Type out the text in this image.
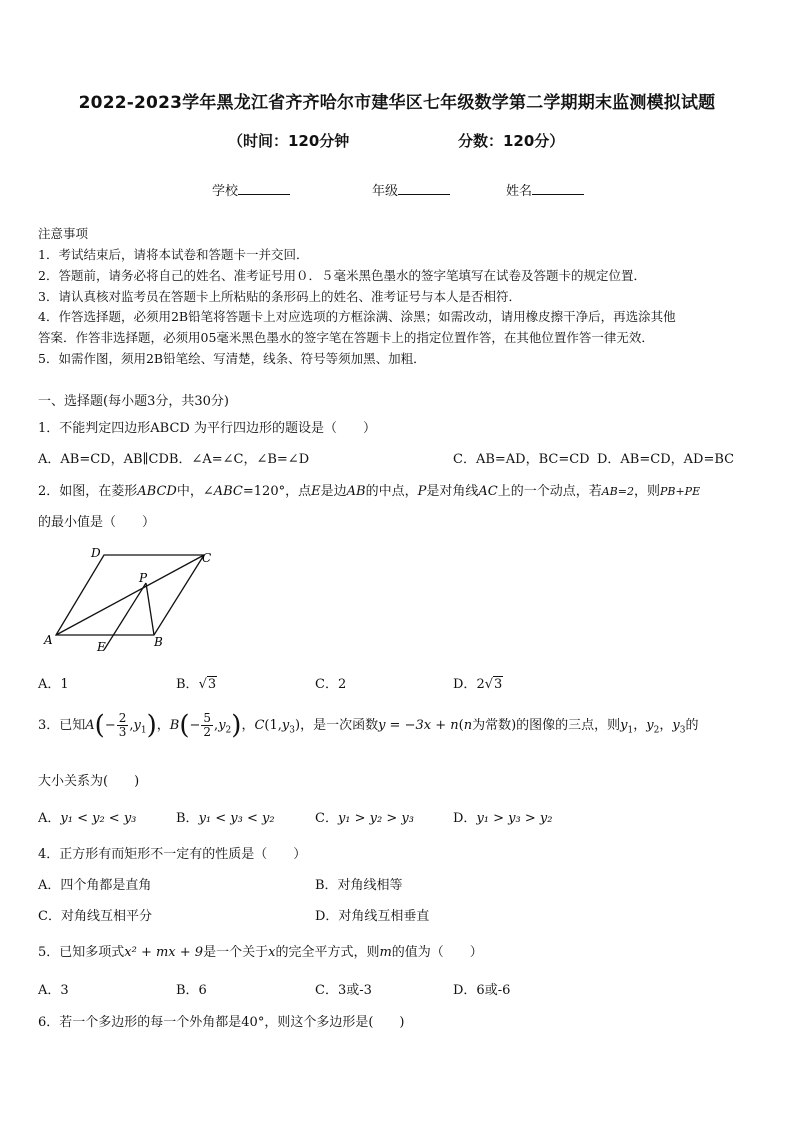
2022-2023学年黑龙江省齐齐哈尔市建华区七年级数学第二学期期末监测模拟试题
（时间：120分钟	分数：120分）
学校	年级	姓名
注意事项
1．考试结束后，请将本试卷和答题卡一并交回．
2．答题前，请务必将自己的姓名、准考证号用０．５毫米黑色墨水的签字笔填写在试卷及答题卡的规定位置．
3．请认真核对监考员在答题卡上所粘贴的条形码上的姓名、准考证号与本人是否相符．
4．作答选择题，必须用2B铅笔将答题卡上对应选项的方框涂满、涂黑；如需改动，请用橡皮擦干净后，再选涂其他
答案．作答非选择题，必须用05毫米黑色墨水的签字笔在答题卡上的指定位置作答，在其他位置作答一律无效．
5．如需作图，须用2B铅笔绘、写清楚，线条、符号等须加黑、加粗．
一、选择题(每小题3分，共30分)
1．不能判定四边形ABCD 为平行四边形的题设是（　　）
A．AB=CD，AB∥CDB．∠A=∠C，∠B=∠D	C．AB=AD，BC=CD D．AB=CD，AD=BC
2．如图，在菱形ABCD中，∠ABC=120°，点E是边AB的中点，P是对角线AC上的一个动点，若AB=2，则PB+PE
的最小值是（　　）
A	B
C
D
E
P
A．1	B．√3	C．2	D．2√3
3．已知$A(- \frac{2}{3} ,y_1)$，$B(- \frac{5}{2} ,y_2)$，$C(1,y_3)$，是一次函数y = −3x + n(n为常数)的图像的三点，则$y_1$，$y_2$，$y_3$的
大小关系为(　　)
A．y₁ < y₂ < y₃	B．y₁ < y₃ < y₂	C．y₁ > y₂ > y₃	D．y₁ > y₃ > y₂
4．正方形有而矩形不一定有的性质是（　　）
A．四个角都是直角	B．对角线相等
C．对角线互相平分	D．对角线互相垂直
5．已知多项式x² + mx + 9是一个关于x的完全平方式，则m的值为（　　）
A．3	B．6	C．3或-3	D．6或-6
6．若一个多边形的每一个外角都是40°，则这个多边形是(　　)
